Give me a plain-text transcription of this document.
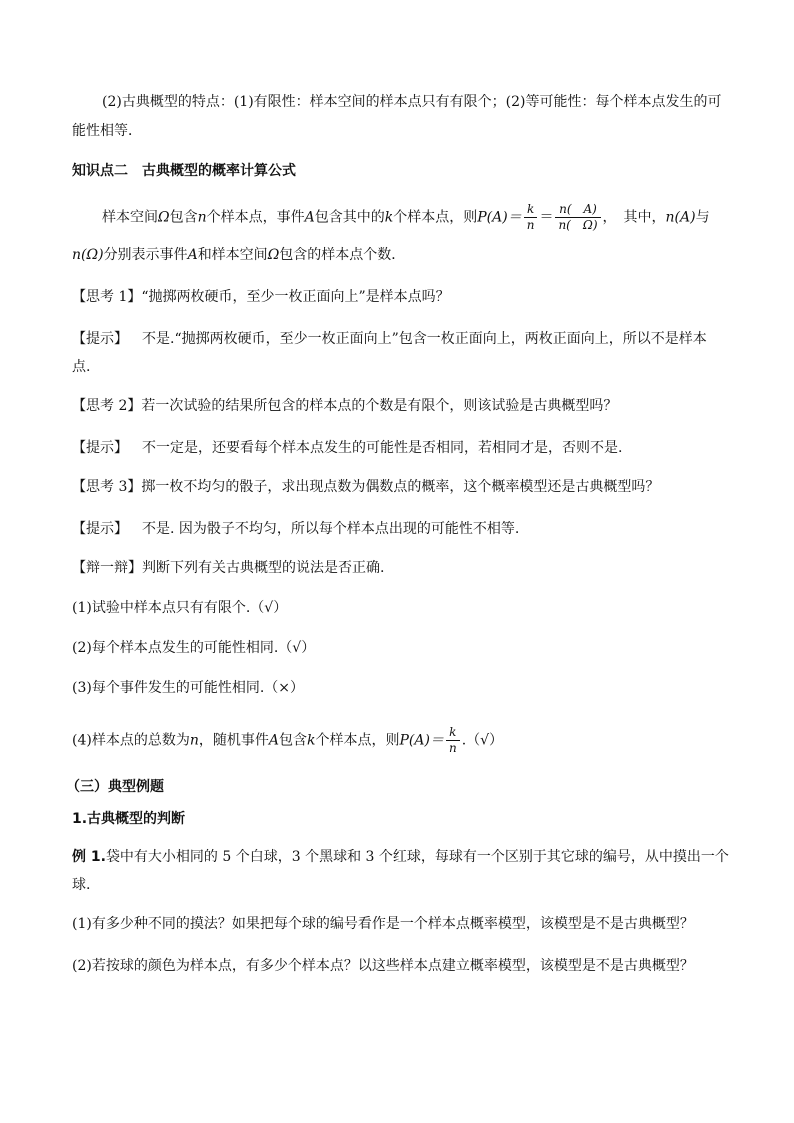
(2)古典概型的特点：(1)有限性：样本空间的样本点只有有限个；(2)等可能性：每个样本点发生的可
能性相等．
知识点二　古典概型的概率计算公式
样本空间Ω包含n个样本点，事件A包含其中的k个样本点，则$P(A)= \frac{k}{n} = \frac{n( A)}{n( \Omega)}$ ，　其中，n(A)与
n(Ω)分别表示事件A和样本空间Ω包含的样本点个数．
【思考 1】“抛掷两枚硬币，至少一枚正面向上”是样本点吗？
【提示】 不是.“抛掷两枚硬币，至少一枚正面向上”包含一枚正面向上，两枚正面向上，所以不是样本
点.
【思考 2】若一次试验的结果所包含的样本点的个数是有限个，则该试验是古典概型吗？
【提示】 不一定是，还要看每个样本点发生的可能性是否相同，若相同才是，否则不是.
【思考 3】掷一枚不均匀的骰子，求出现点数为偶数点的概率，这个概率模型还是古典概型吗？
【提示】 不是. 因为骰子不均匀，所以每个样本点出现的可能性不相等.
【辩一辩】判断下列有关古典概型的说法是否正确.
(1)试验中样本点只有有限个.（√）
(2)每个样本点发生的可能性相同.（√）
(3)每个事件发生的可能性相同.（×）
(4)样本点的总数为n，随机事件A包含k个样本点，则$P(A)= \frac{k}{n}$ .（√）
（三）典型例题
1.古典概型的判断
例 1.袋中有大小相同的 5 个白球，3 个黑球和 3 个红球，每球有一个区别于其它球的编号，从中摸出一个
球.
(1)有多少种不同的摸法？如果把每个球的编号看作是一个样本点概率模型，该模型是不是古典概型？
(2)若按球的颜色为样本点，有多少个样本点？以这些样本点建立概率模型，该模型是不是古典概型？
